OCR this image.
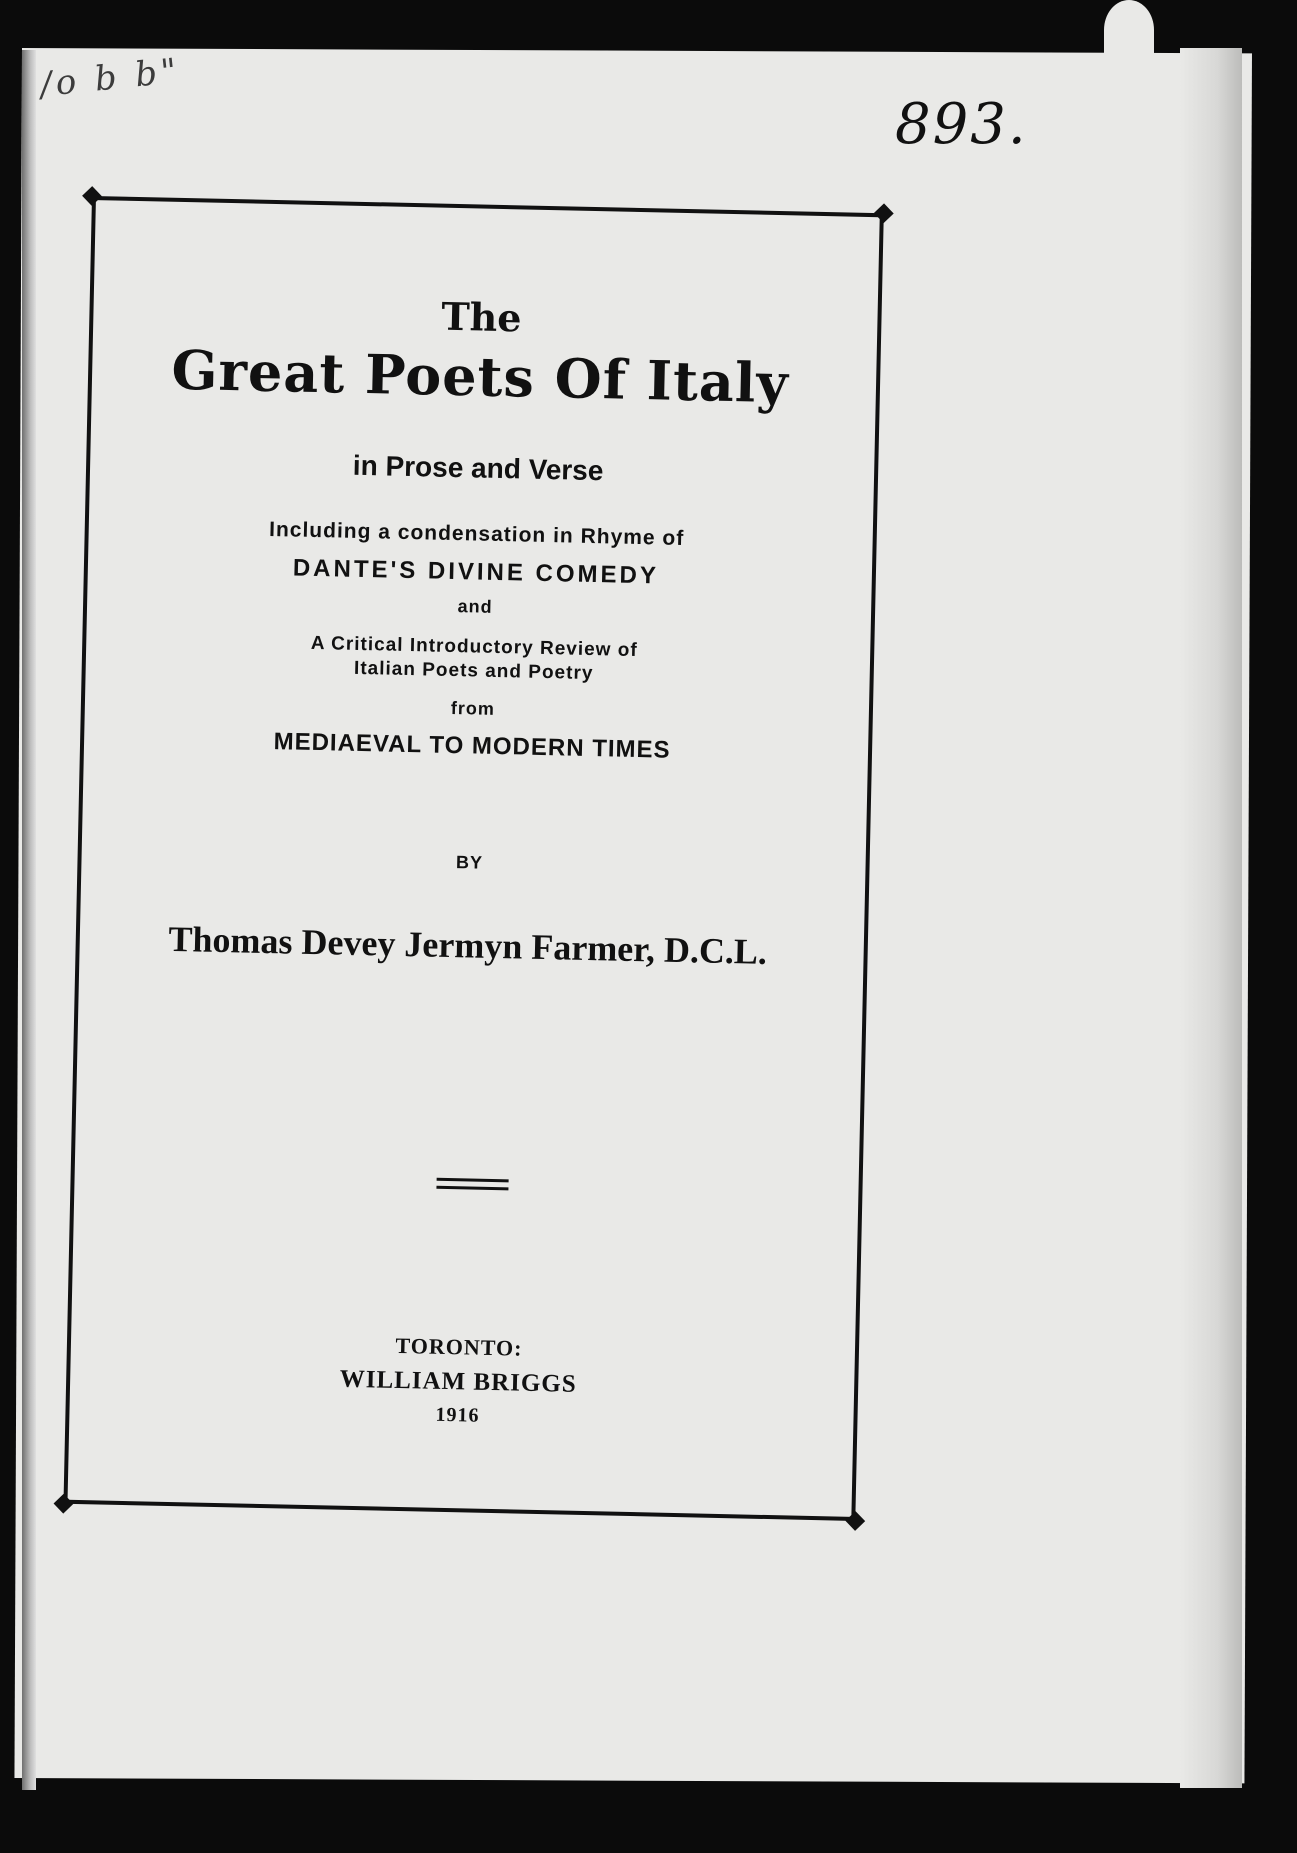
/o b b"
893.
The
Great Poets Of Italy
in Prose and Verse
Including a condensation in Rhyme of
DANTE'S DIVINE COMEDY
and
A Critical Introductory Review of
Italian Poets and Poetry
from
MEDIAEVAL TO MODERN TIMES
BY
Thomas Devey Jermyn Farmer, D.C.L.
TORONTO:
WILLIAM BRIGGS
1916
